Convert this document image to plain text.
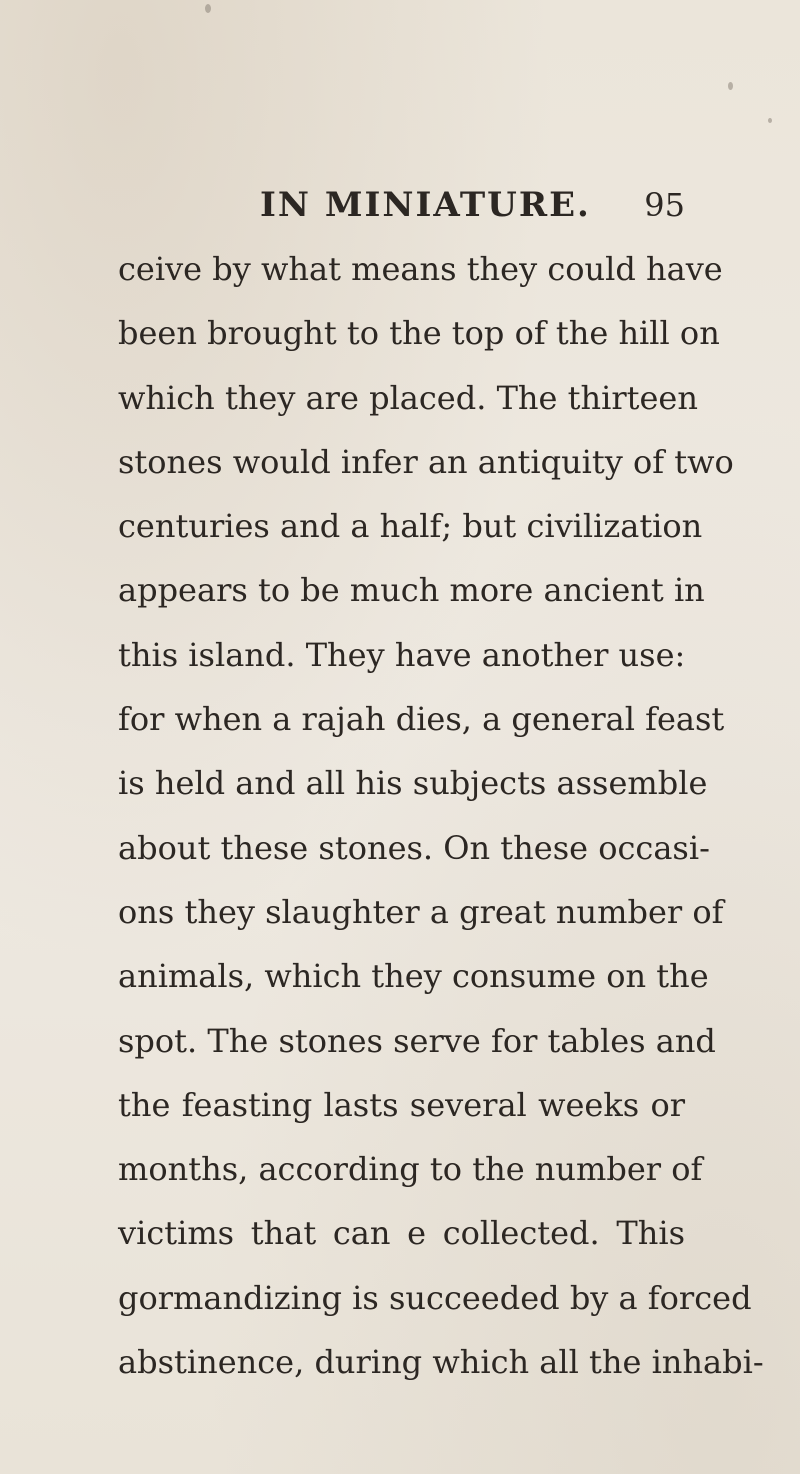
IN MINIATURE. 95
ceive by what means they could have
been brought to the top of the hill on
which they are placed. The thirteen
stones would infer an antiquity of two
centuries and a half; but civilization
appears to be much more ancient in
this island. They have another use:
for when a rajah dies, a general feast
is held and all his subjects assemble
about these stones. On these occasi-
ons they slaughter a great number of
animals, which they consume on the
spot. The stones serve for tables and
the feasting lasts several weeks or
months, according to the number of
victims that can e collected. This
gormandizing is succeeded by a forced
abstinence, during which all the inhabi-
